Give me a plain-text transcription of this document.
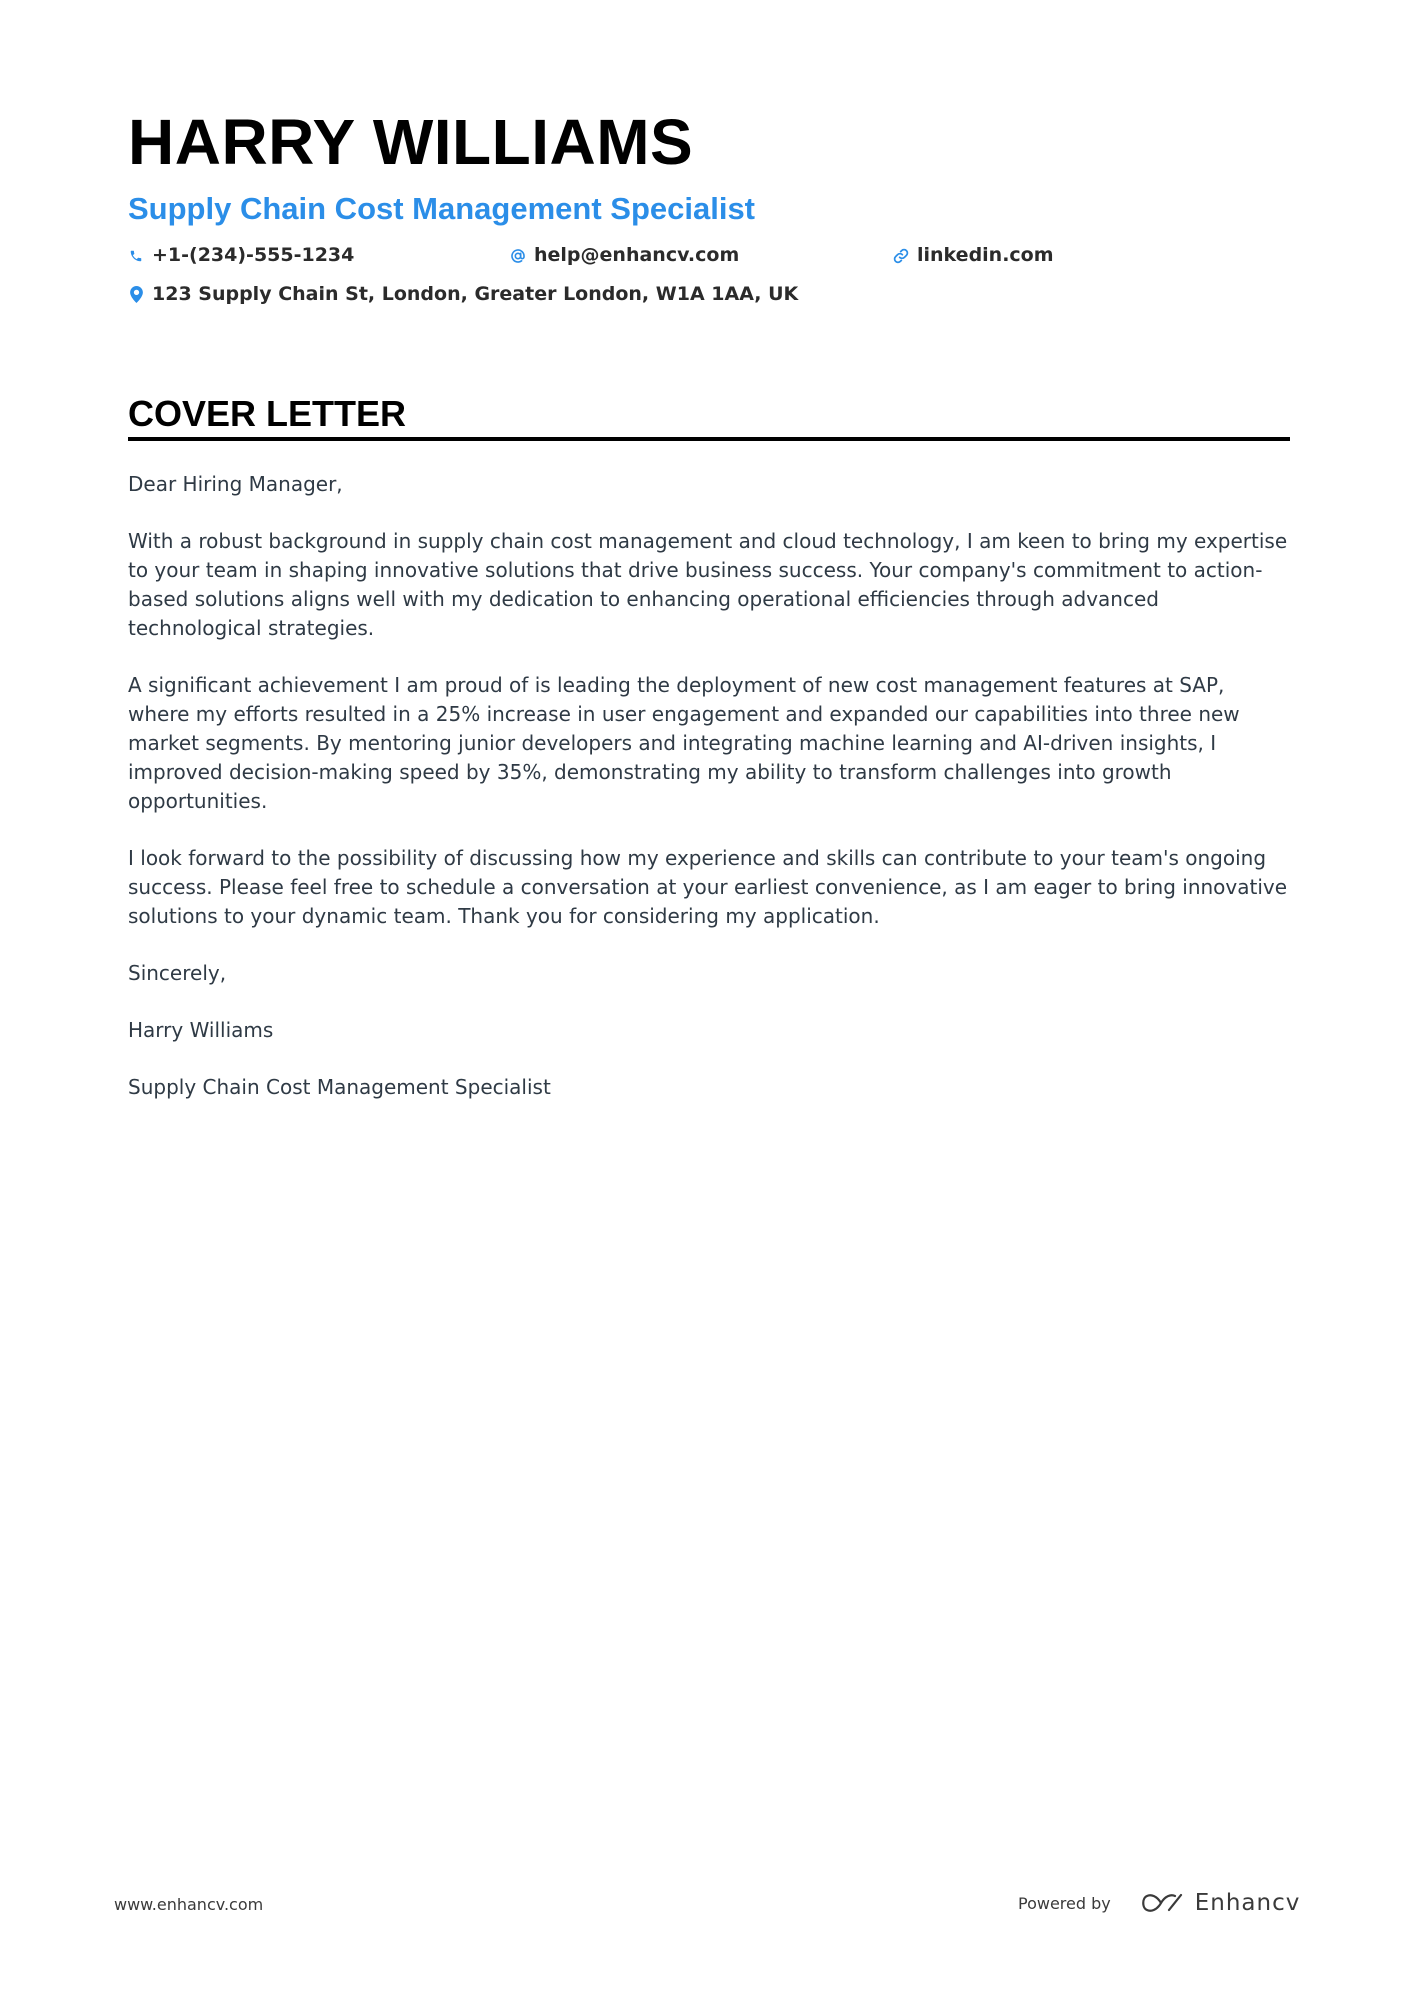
HARRY WILLIAMS
Supply Chain Cost Management Specialist
+1-(234)-555-1234	help@enhancv.com	linkedin.com
123 Supply Chain St, London, Greater London, W1A 1AA, UK
COVER LETTER

Dear Hiring Manager,

With a robust background in supply chain cost management and cloud technology, I am keen to bring my expertise to your team in shaping innovative solutions that drive business success. Your company's commitment to action-based solutions aligns well with my dedication to enhancing operational efficiencies through advanced technological strategies.

A significant achievement I am proud of is leading the deployment of new cost management features at SAP, where my efforts resulted in a 25% increase in user engagement and expanded our capabilities into three new market segments. By mentoring junior developers and integrating machine learning and AI-driven insights, I improved decision-making speed by 35%, demonstrating my ability to transform challenges into growth opportunities.

I look forward to the possibility of discussing how my experience and skills can contribute to your team's ongoing success. Please feel free to schedule a conversation at your earliest convenience, as I am eager to bring innovative solutions to your dynamic team. Thank you for considering my application.

Sincerely,

Harry Williams

Supply Chain Cost Management Specialist

www.enhancv.com	Powered by	Enhancv
